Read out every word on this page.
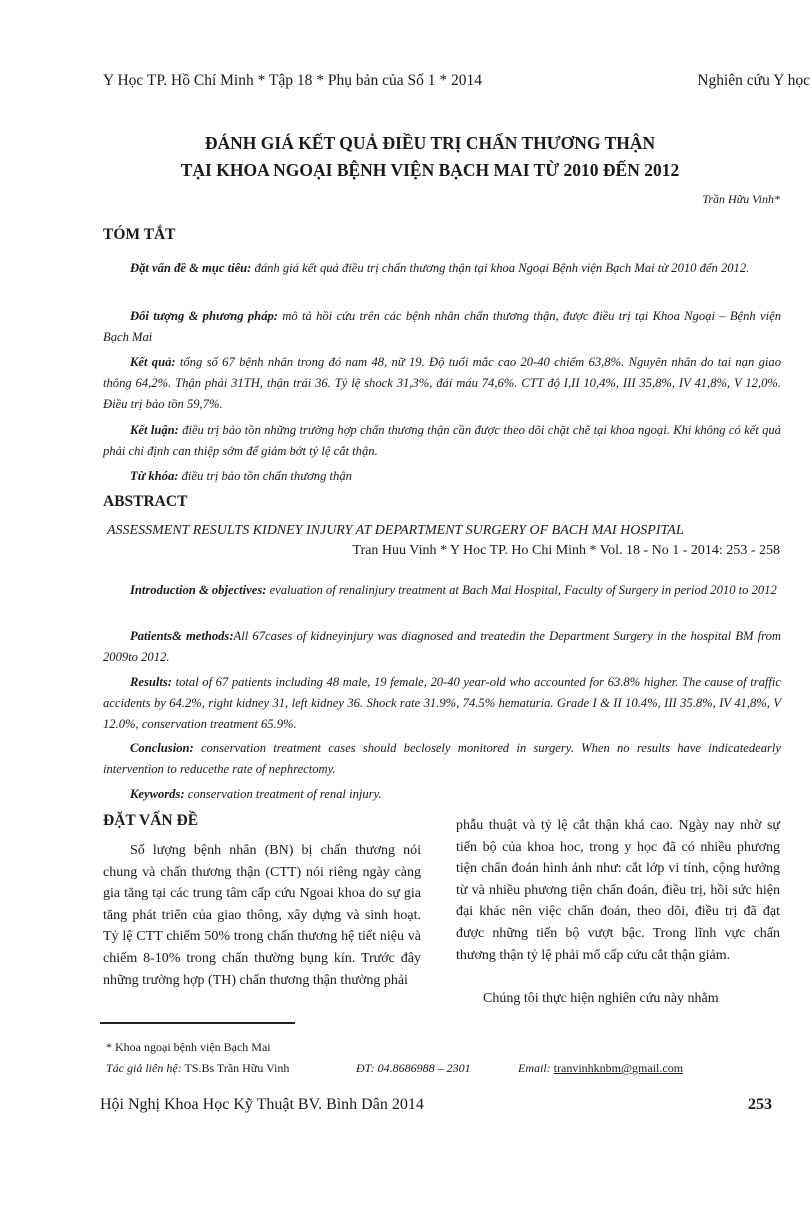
Y Học TP. Hồ Chí Minh * Tập 18 * Phụ bản của Số 1 * 2014	Nghiên cứu Y học
ĐÁNH GIÁ KẾT QUẢ ĐIỀU TRỊ CHẤN THƯƠNG THẬN
TẠI KHOA NGOẠI BỆNH VIỆN BẠCH MAI TỪ 2010 ĐẾN 2012
Trần Hữu Vinh*
TÓM TẮT

Đặt vấn đề & mục tiêu: đánh giá kết quả điều trị chấn thương thận tại khoa Ngoại Bệnh viện Bạch Mai từ 2010 đến 2012.

Đối tượng & phương pháp: mô tả hồi cứu trên các bệnh nhân chấn thương thận, được điều trị tại Khoa Ngoại – Bệnh viện Bạch Mai

Kết quả: tổng số 67 bệnh nhân trong đó nam 48, nữ 19. Độ tuổi mắc cao 20-40 chiếm 63,8%. Nguyên nhân do tai nạn giao thông 64,2%. Thận phải 31TH, thận trái 36. Tỷ lệ shock 31,3%, đái máu 74,6%. CTT độ I,II 10,4%, III 35,8%, IV 41,8%, V 12,0%. Điều trị bảo tồn 59,7%.

Kết luận: điều trị bảo tồn những trường hợp chấn thương thận cần được theo dõi chặt chẽ tại khoa ngoại. Khi không có kết quả phải chỉ định can thiệp sớm để giảm bớt tỷ lệ cắt thận.

Từ khóa: điều trị bảo tồn chấn thương thận

ABSTRACT
ASSESSMENT RESULTS KIDNEY INJURY AT DEPARTMENT SURGERY OF BACH MAI HOSPITAL
Tran Huu Vinh * Y Hoc TP. Ho Chi Minh * Vol. 18 - No 1 - 2014: 253 - 258

Introduction & objectives: evaluation of renalinjury treatment at Bach Mai Hospital, Faculty of Surgery in period 2010 to 2012

Patients& methods:All 67cases of kidneyinjury was diagnosed and treatedin the Department Surgery in the hospital BM from 2009to 2012.

Results: total of 67 patients including 48 male, 19 female, 20-40 year-old who accounted for 63.8% higher. The cause of traffic accidents by 64.2%, right kidney 31, left kidney 36. Shock rate 31.9%, 74.5% hematuria. Grade I & II 10.4%, III 35.8%, IV 41,8%, V 12.0%, conservation treatment 65.9%.

Conclusion: conservation treatment cases should beclosely monitored in surgery. When no results have indicatedearly intervention to reducethe rate of nephrectomy.

Keywords: conservation treatment of renal injury.

ĐẶT VẤN ĐỀ

Số lượng bệnh nhân (BN) bị chấn thương nói chung và chấn thương thận (CTT) nói riêng ngày càng gia tăng tại các trung tâm cấp cứu Ngoai khoa do sự gia tăng phát triển của giao thông, xây dựng và sinh hoạt. Tỷ lệ CTT chiếm 50% trong chấn thương hệ tiết niệu và chiếm 8-10% trong chấn thường bụng kín. Trước đây những trường hợp (TH) chấn thương thận thường phải

phẫu thuật và tỷ lệ cắt thận khá cao. Ngày nay nhờ sự tiến bộ của khoa hoc, trong y học đã có nhiều phương tiện chẩn đoán hình ảnh như: cắt lớp vi tính, cộng hưởng từ và nhiều phương tiện chẩn đoán, điều trị, hồi sức hiện đại khác nên việc chẩn đoán, theo dõi, điều trị đã đạt được những tiến bộ vượt bậc. Trong lĩnh vực chấn thương thận tỷ lệ phải mổ cấp cứu cắt thận giảm.

Chúng tôi thực hiện nghiên cứu này nhằm

* Khoa ngoại bệnh viện Bạch Mai
Tác giả liên hệ: TS.Bs Trần Hữu Vinh	ĐT: 04.8686988 – 2301	Email: tranvinhknbm@gmail.com
Hội Nghị Khoa Học Kỹ Thuật BV. Bình Dân 2014	253
